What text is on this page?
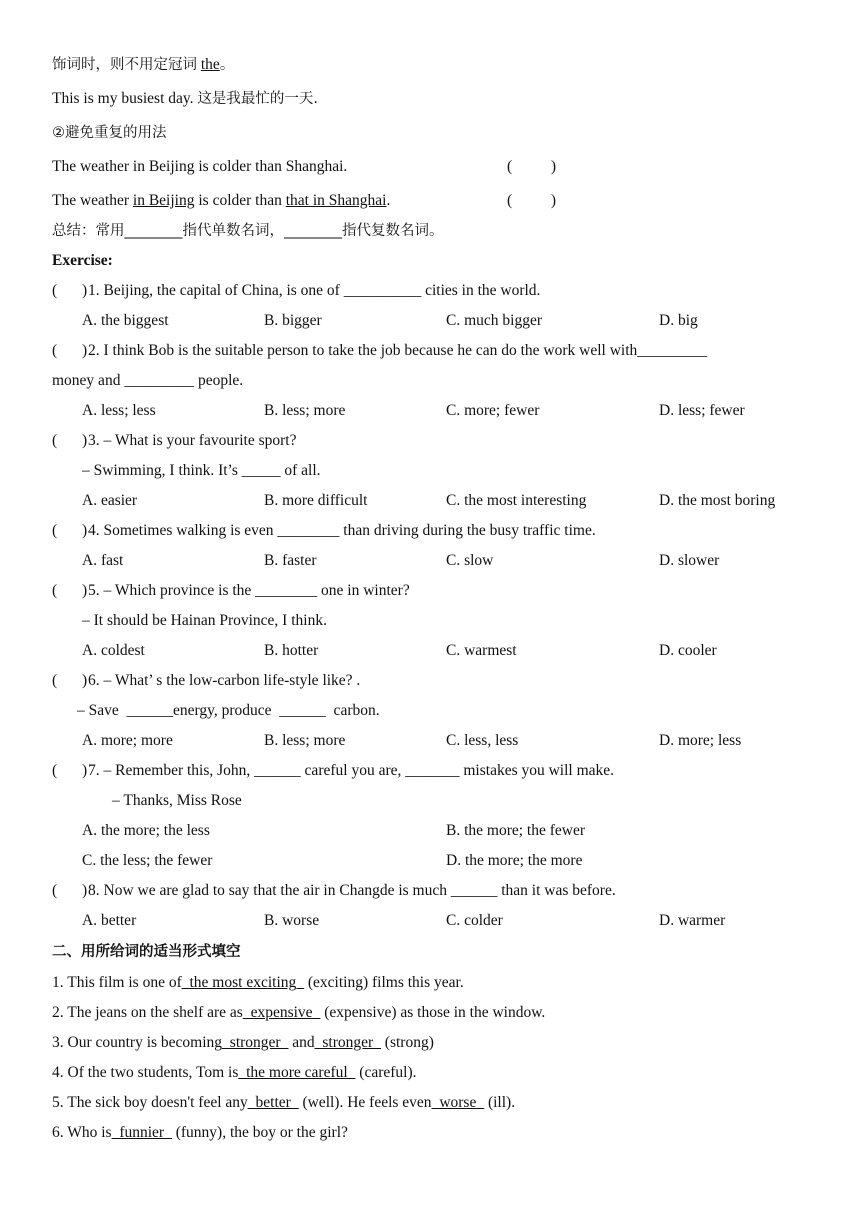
饰词时，则不用定冠词 the。
This is my busiest day. 这是我最忙的一天.
②避免重复的用法
The weather in Beijing is colder than Shanghai.	(          )
The weather in Beijing is colder than that in Shanghai.	(          )
总结：常用________指代单数名词，________指代复数名词。
Exercise:
( ) 1. Beijing, the capital of China, is one of __________ cities in the world.
A. the biggest	B. bigger	C. much bigger	D. big
( ) 2. I think Bob is the suitable person to take the job because he can do the work well with_________
money and _________ people.
A. less; less	B. less; more	C. more; fewer	D. less; fewer
( ) 3. – What is your favourite sport?
– Swimming, I think. It’s _____ of all.
A. easier	B. more difficult	C. the most interesting	D. the most boring
( ) 4. Sometimes walking is even ________ than driving during the busy traffic time.
A. fast	B. faster	C. slow	D. slower
( ) 5. – Which province is the ________ one in winter?
– It should be Hainan Province, I think.
A. coldest	B. hotter	C. warmest	D. cooler
( ) 6. – What’ s the low-carbon life-style like? .
– Save  ______energy, produce  ______  carbon.
A. more; more	B. less; more	C. less, less	D. more; less
( ) 7. – Remember this, John, ______ careful you are, _______ mistakes you will make.
– Thanks, Miss Rose
A. the more; the less	B. the more; the fewer
C. the less; the fewer	D. the more; the more
( ) 8. Now we are glad to say that the air in Changde is much ______ than it was before.
A. better	B. worse	C. colder	D. warmer
二、用所给词的适当形式填空
1. This film is one of_the most exciting_ (exciting) films this year.
2. The jeans on the shelf are as_expensive_ (expensive) as those in the window.
3. Our country is becoming_stronger_ and_stronger_ (strong)
4. Of the two students, Tom is_the more careful_ (careful).
5. The sick boy doesn't feel any_better_ (well). He feels even_worse_ (ill).
6. Who is_funnier_ (funny), the boy or the girl?
